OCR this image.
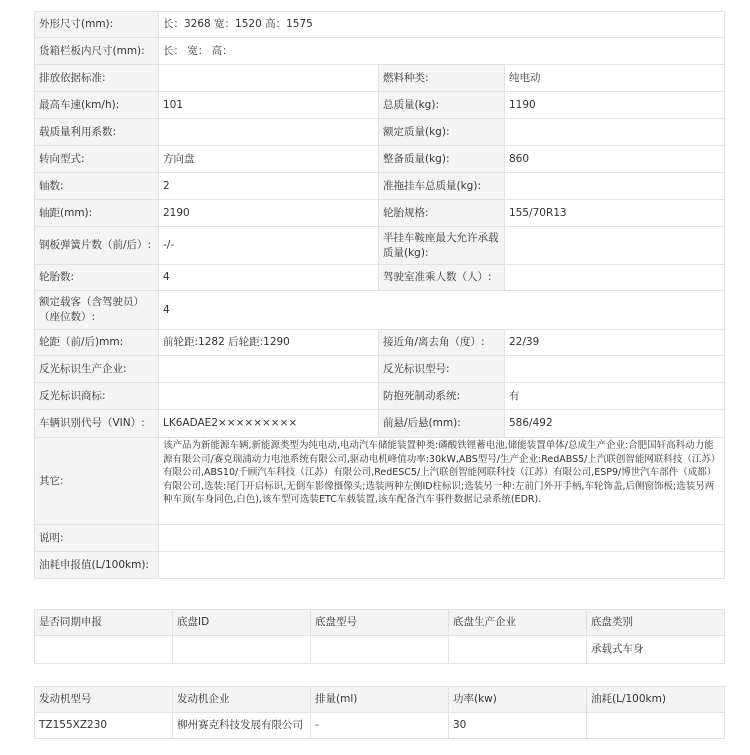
外形尺寸(mm):	长：3268 宽：1520 高：1575		
货箱栏板内尺寸(mm):	长： 宽： 高：		
排放依据标准:		燃料种类:	纯电动
最高车速(km/h):	101	总质量(kg):	1190
载质量利用系数:		额定质量(kg):	
转向型式:	方向盘	整备质量(kg):	860
轴数:	2	准拖挂车总质量(kg):	
轴距(mm):	2190	轮胎规格:	155/70R13
钢板弹簧片数（前/后）:	-/-	半挂车鞍座最大允许承载质量(kg):	
轮胎数:	4	驾驶室准乘人数（人）:	
额定载客（含驾驶员）（座位数）:	4		
轮距（前/后)mm:	前轮距:1282 后轮距:1290	接近角/离去角（度）:	22/39
反光标识生产企业:		反光标识型号:	
反光标识商标:		防抱死制动系统:	有
车辆识别代号（VIN）:	LK6ADAE2×××××××××	前悬/后悬(mm):	586/492
其它:	该产品为新能源车辆,新能源类型为纯电动,电动汽车储能装置种类:磷酸铁锂蓄电池,储能装置单体/总成生产企业:合肥国轩高科动力能源有限公司/赛克瑞浦动力电池系统有限公司,驱动电机峰值功率:30kW,ABS型号/生产企业:RedABS5/上汽联创智能网联科技（江苏）有限公司,ABS10/千顾汽车科技（江苏）有限公司,RedESC5/上汽联创智能网联科技（江苏）有限公司,ESP9/博世汽车部件（成都）有限公司,选装:尾门开启标识,无倒车影像摄像头;选装两种左侧ID柱标识;选装另一种:左前门外开手柄,车轮饰盖,后侧窗饰板;选装另两种车顶(车身同色,白色),该车型可选装ETC车载装置,该车配备汽车事件数据记录系统(EDR).		
说明:			
油耗申报值(L/100km):			
是否同期申报	底盘ID	底盘型号	底盘生产企业	底盘类别
				承载式车身
发动机型号	发动机企业	排量(ml)	功率(kw)	油耗(L/100km)
TZ155XZ230	柳州赛克科技发展有限公司	-	30	
